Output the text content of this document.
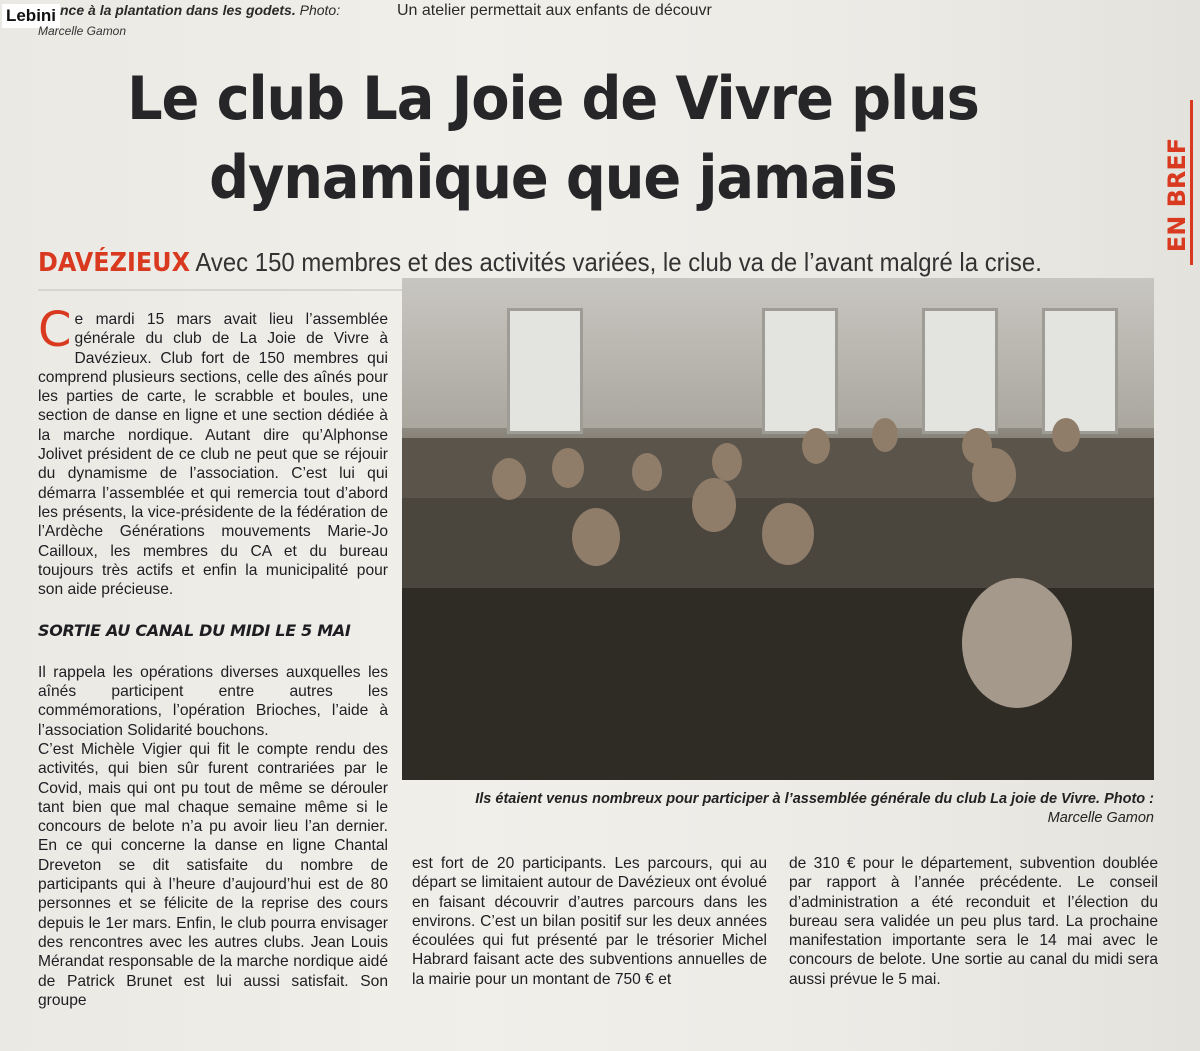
Lebini nce à la plantation dans les godets. Photo:
Marcelle Gamon
Un atelier permettait aux enfants de découvr
Le club La Joie de Vivre plus
dynamique que jamais
DAVÉZIEUX Avec 150 membres et des activités variées, le club va de l’avant malgré la crise.
EN BREF

Ce mardi 15 mars avait lieu l’assemblée générale du club de La Joie de Vivre à Davézieux. Club fort de 150 membres qui comprend plusieurs sections, celle des aînés pour les parties de carte, le scrabble et boules, une section de danse en ligne et une section dédiée à la marche nordique. Autant dire qu’Alphonse Jolivet président de ce club ne peut que se réjouir du dynamisme de l’association. C’est lui qui démarra l’assemblée et qui remercia tout d’abord les présents, la vice-présidente de la fédération de l’Ardèche Générations mouvements Marie-Jo Cailloux, les membres du CA et du bureau toujours très actifs et enfin la municipalité pour son aide précieuse.

SORTIE AU CANAL DU MIDI LE 5 MAI

Il rappela les opérations diverses auxquelles les aînés participent entre autres les commémorations, l’opération Brioches, l’aide à l’association Solidarité bouchons.

C’est Michèle Vigier qui fit le compte rendu des activités, qui bien sûr furent contrariées par le Covid, mais qui ont pu tout de même se dérouler tant bien que mal chaque semaine même si le concours de belote n’a pu avoir lieu l’an dernier. En ce qui concerne la danse en ligne Chantal Dreveton se dit satisfaite du nombre de participants qui à l’heure d’aujourd’hui est de 80 personnes et se félicite de la reprise des cours depuis le 1er mars. Enfin, le club pourra envisager des rencontres avec les autres clubs. Jean Louis Mérandat responsable de la marche nordique aidé de Patrick Brunet est lui aussi satisfait. Son groupe

Ils étaient venus nombreux pour participer à l’assemblée générale du club La joie de Vivre. Photo :
Marcelle Gamon

est fort de 20 participants. Les parcours, qui au départ se limitaient autour de Davézieux ont évolué en faisant découvrir d’autres parcours dans les environs. C’est un bilan positif sur les deux années écoulées qui fut présenté par le trésorier Michel Habrard faisant acte des subventions annuelles de la mairie pour un montant de 750 € et

de 310 € pour le département, subvention doublée par rapport à l’année précédente. Le conseil d’administration a été reconduit et l’élection du bureau sera validée un peu plus tard. La prochaine manifestation importante sera le 14 mai avec le concours de belote. Une sortie au canal du midi sera aussi prévue le 5 mai.
